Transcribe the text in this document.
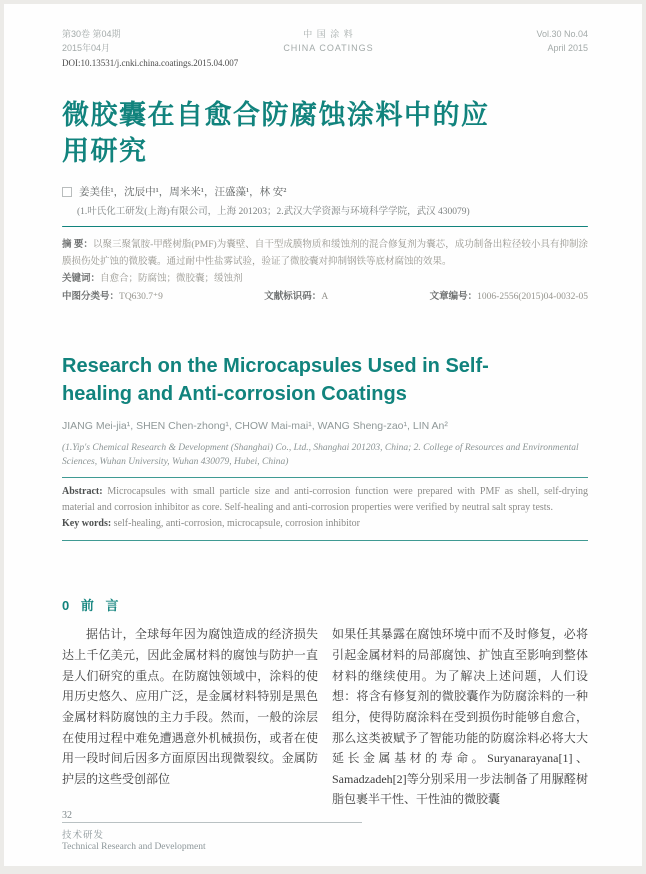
第30卷 第04期
2015年04月
中 国 涂 料
CHINA COATINGS
Vol.30 No.04
April 2015
DOI:10.13531/j.cnki.china.coatings.2015.04.007
微胶囊在自愈合防腐蚀涂料中的应用研究
姜美佳¹，沈辰中¹，周米米¹，汪盛藻¹，林 安²
(1.叶氏化工研发(上海)有限公司，上海 201203；2.武汉大学资源与环境科学学院，武汉 430079)

摘 要：以聚三聚氰胺-甲醛树脂(PMF)为囊壁、自干型成膜物质和缓蚀剂的混合修复剂为囊芯，成功制备出粒径较小具有抑制涂膜损伤处扩蚀的微胶囊。通过耐中性盐雾试验，验证了微胶囊对抑制钢铁等底材腐蚀的效果。

关键词：自愈合；防腐蚀；微胶囊；缓蚀剂

中图分类号：TQ630.7⁺9	文献标识码：A	文章编号：1006-2556(2015)04-0032-05
Research on the Microcapsules Used in Self-healing and Anti-corrosion Coatings
JIANG Mei-jia¹, SHEN Chen-zhong¹, CHOW Mai-mai¹, WANG Sheng-zao¹, LIN An²
(1.Yip's Chemical Research & Development (Shanghai) Co., Ltd., Shanghai 201203, China; 2. College of Resources and Environmental Sciences, Wuhan University, Wuhan 430079, Hubei, China)

Abstract: Microcapsules with small particle size and anti-corrosion function were prepared with PMF as shell, self-drying material and corrosion inhibitor as core. Self-healing and anti-corrosion properties were verified by neutral salt spray tests.

Key words: self-healing, anti-corrosion, microcapsule, corrosion inhibitor

0 前 言

据估计，全球每年因为腐蚀造成的经济损失达上千亿美元，因此金属材料的腐蚀与防护一直是人们研究的重点。在防腐蚀领域中，涂料的使用历史悠久、应用广泛，是金属材料特别是黑色金属材料防腐蚀的主力手段。然而，一般的涂层在使用过程中难免遭遇意外机械损伤，或者在使用一段时间后因多方面原因出现微裂纹。金属防护层的这些受创部位

如果任其暴露在腐蚀环境中而不及时修复，必将引起金属材料的局部腐蚀、扩蚀直至影响到整体材料的继续使用。为了解决上述问题，人们设想：将含有修复剂的微胶囊作为防腐涂料的一种组分，使得防腐涂料在受到损伤时能够自愈合，那么这类被赋予了智能功能的防腐涂料必将大大延长金属基材的寿命。Suryanarayana[1]、Samadzadeh[2]等分别采用一步法制备了用脲醛树脂包裹半干性、干性油的微胶囊

32
技术研发
Technical Research and Development
